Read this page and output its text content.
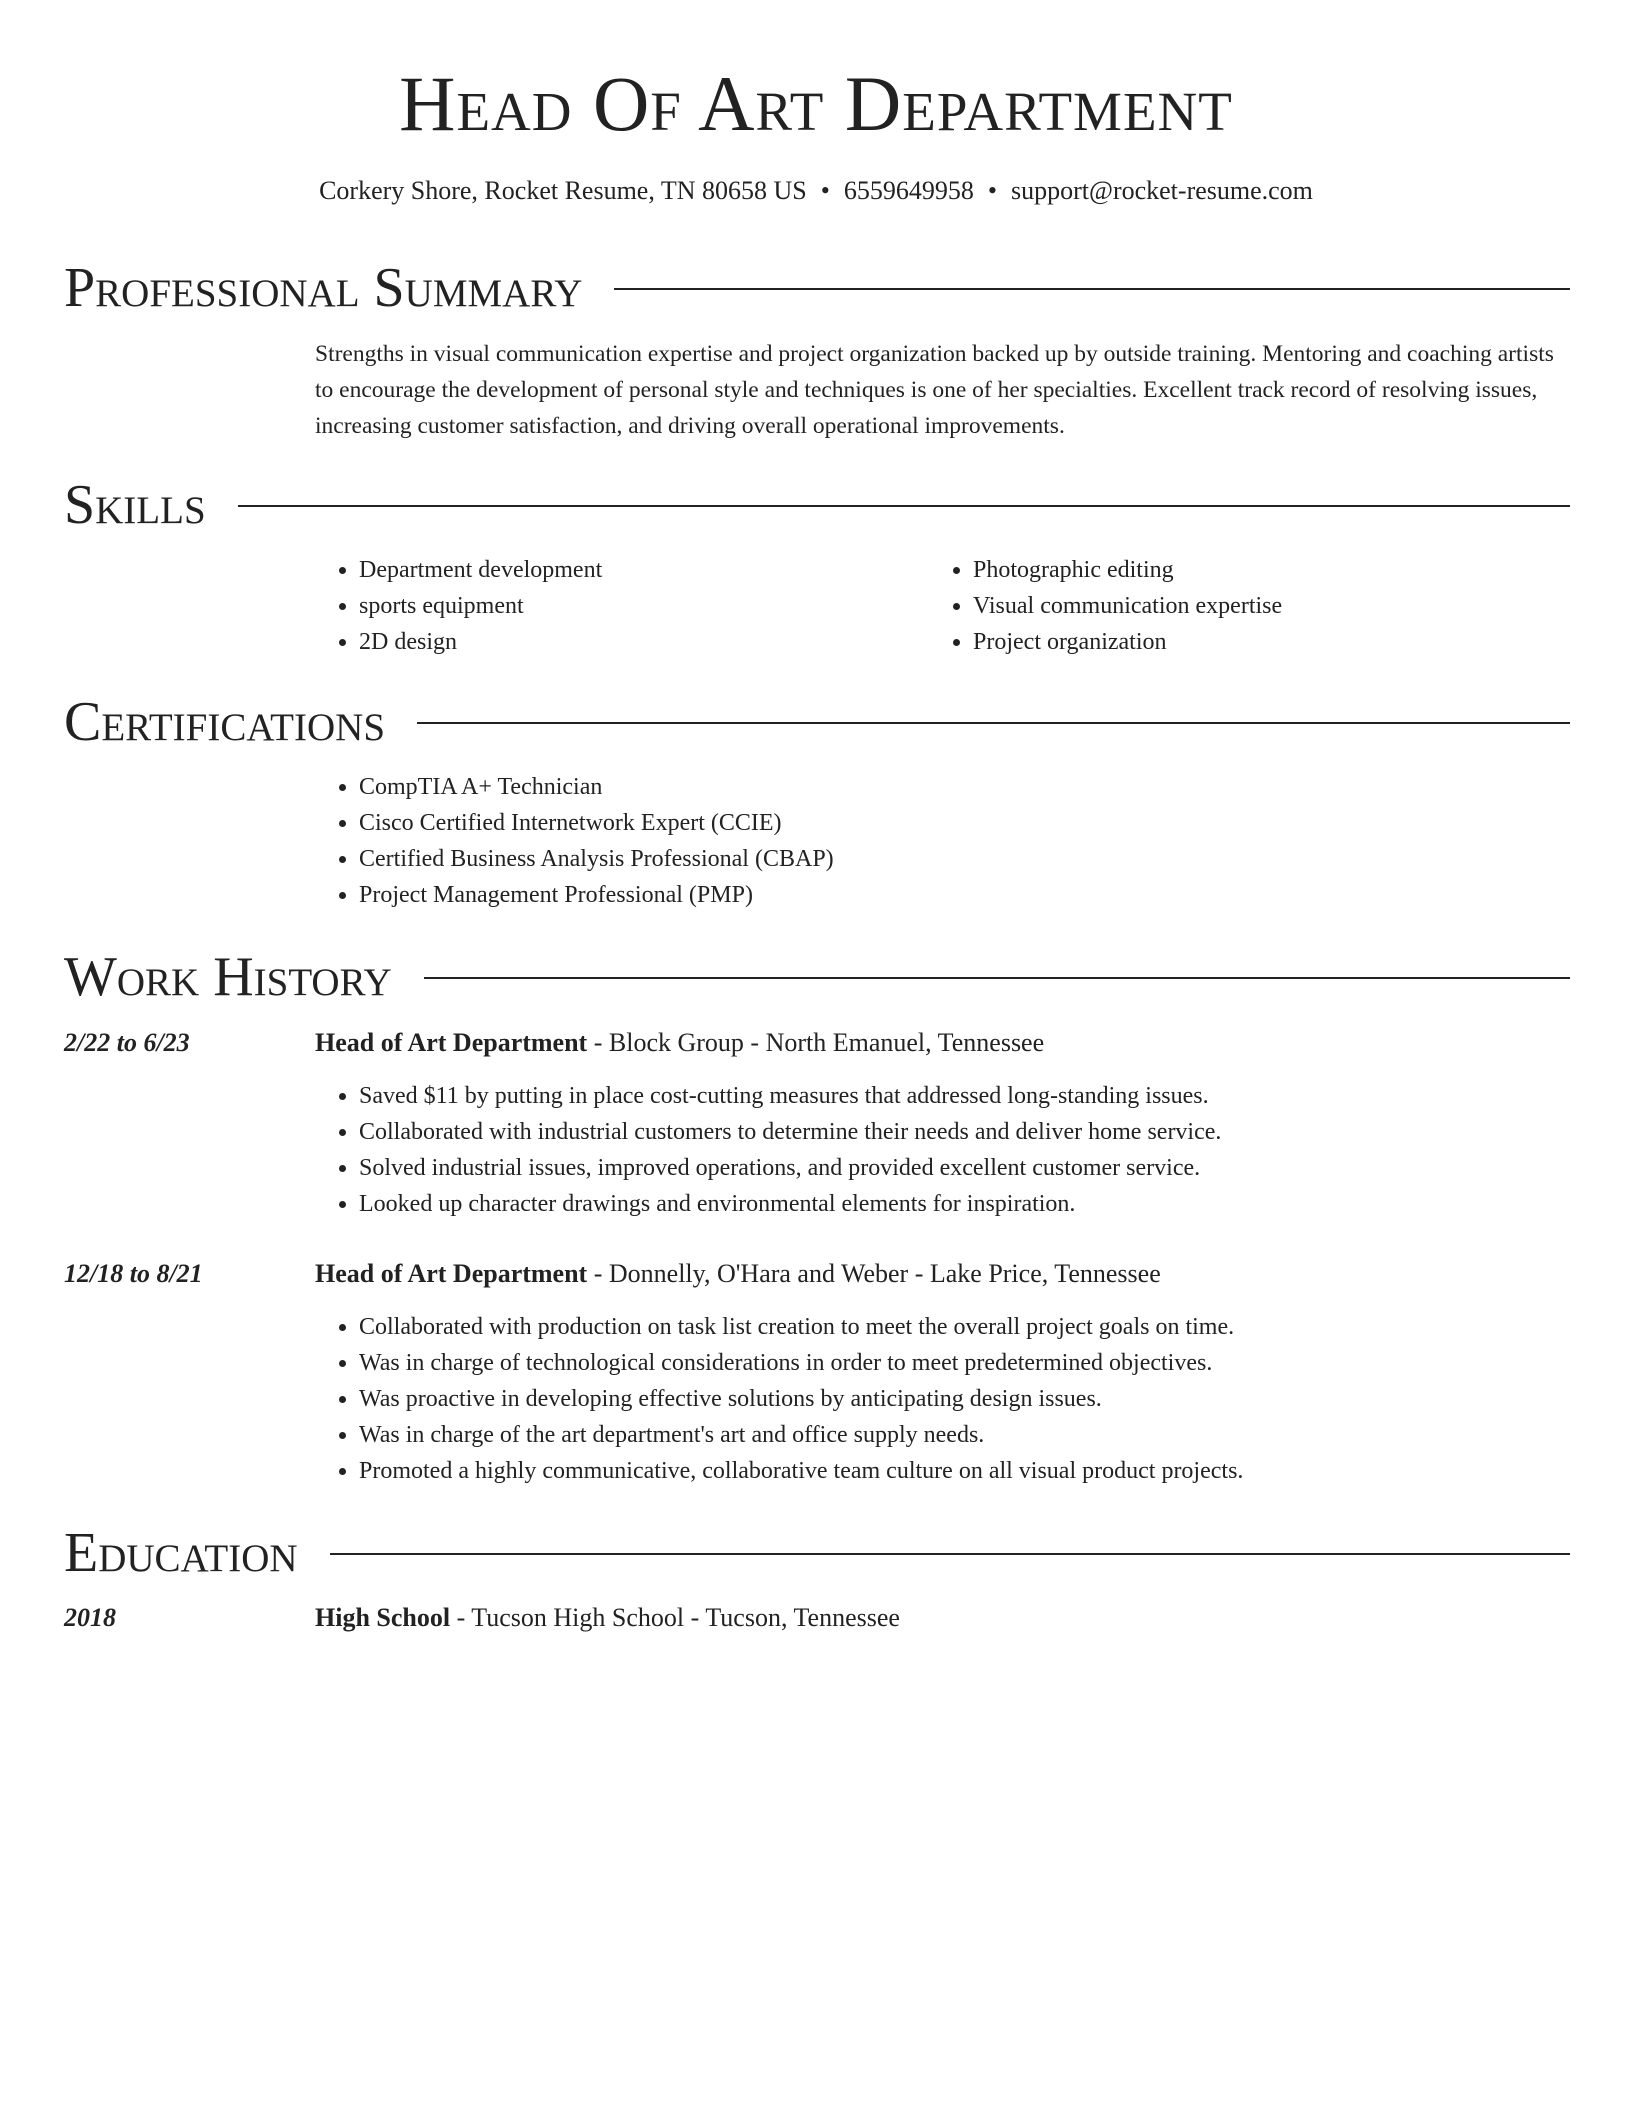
Head Of Art Department
Corkery Shore, Rocket Resume, TN 80658 US • 6559649958 • support@rocket-resume.com
Professional Summary
Strengths in visual communication expertise and project organization backed up by outside training. Mentoring and coaching artists to encourage the development of personal style and techniques is one of her specialties. Excellent track record of resolving issues, increasing customer satisfaction, and driving overall operational improvements.
Skills
• Department development
• sports equipment
• 2D design
• Photographic editing
• Visual communication expertise
• Project organization
Certifications
• CompTIA A+ Technician
• Cisco Certified Internetwork Expert (CCIE)
• Certified Business Analysis Professional (CBAP)
• Project Management Professional (PMP)
Work History
2/22 to 6/23	Head of Art Department - Block Group - North Emanuel, Tennessee
• Saved $11 by putting in place cost-cutting measures that addressed long-standing issues.
• Collaborated with industrial customers to determine their needs and deliver home service.
• Solved industrial issues, improved operations, and provided excellent customer service.
• Looked up character drawings and environmental elements for inspiration.
12/18 to 8/21	Head of Art Department - Donnelly, O'Hara and Weber - Lake Price, Tennessee
• Collaborated with production on task list creation to meet the overall project goals on time.
• Was in charge of technological considerations in order to meet predetermined objectives.
• Was proactive in developing effective solutions by anticipating design issues.
• Was in charge of the art department's art and office supply needs.
• Promoted a highly communicative, collaborative team culture on all visual product projects.
Education
2018	High School - Tucson High School - Tucson, Tennessee
